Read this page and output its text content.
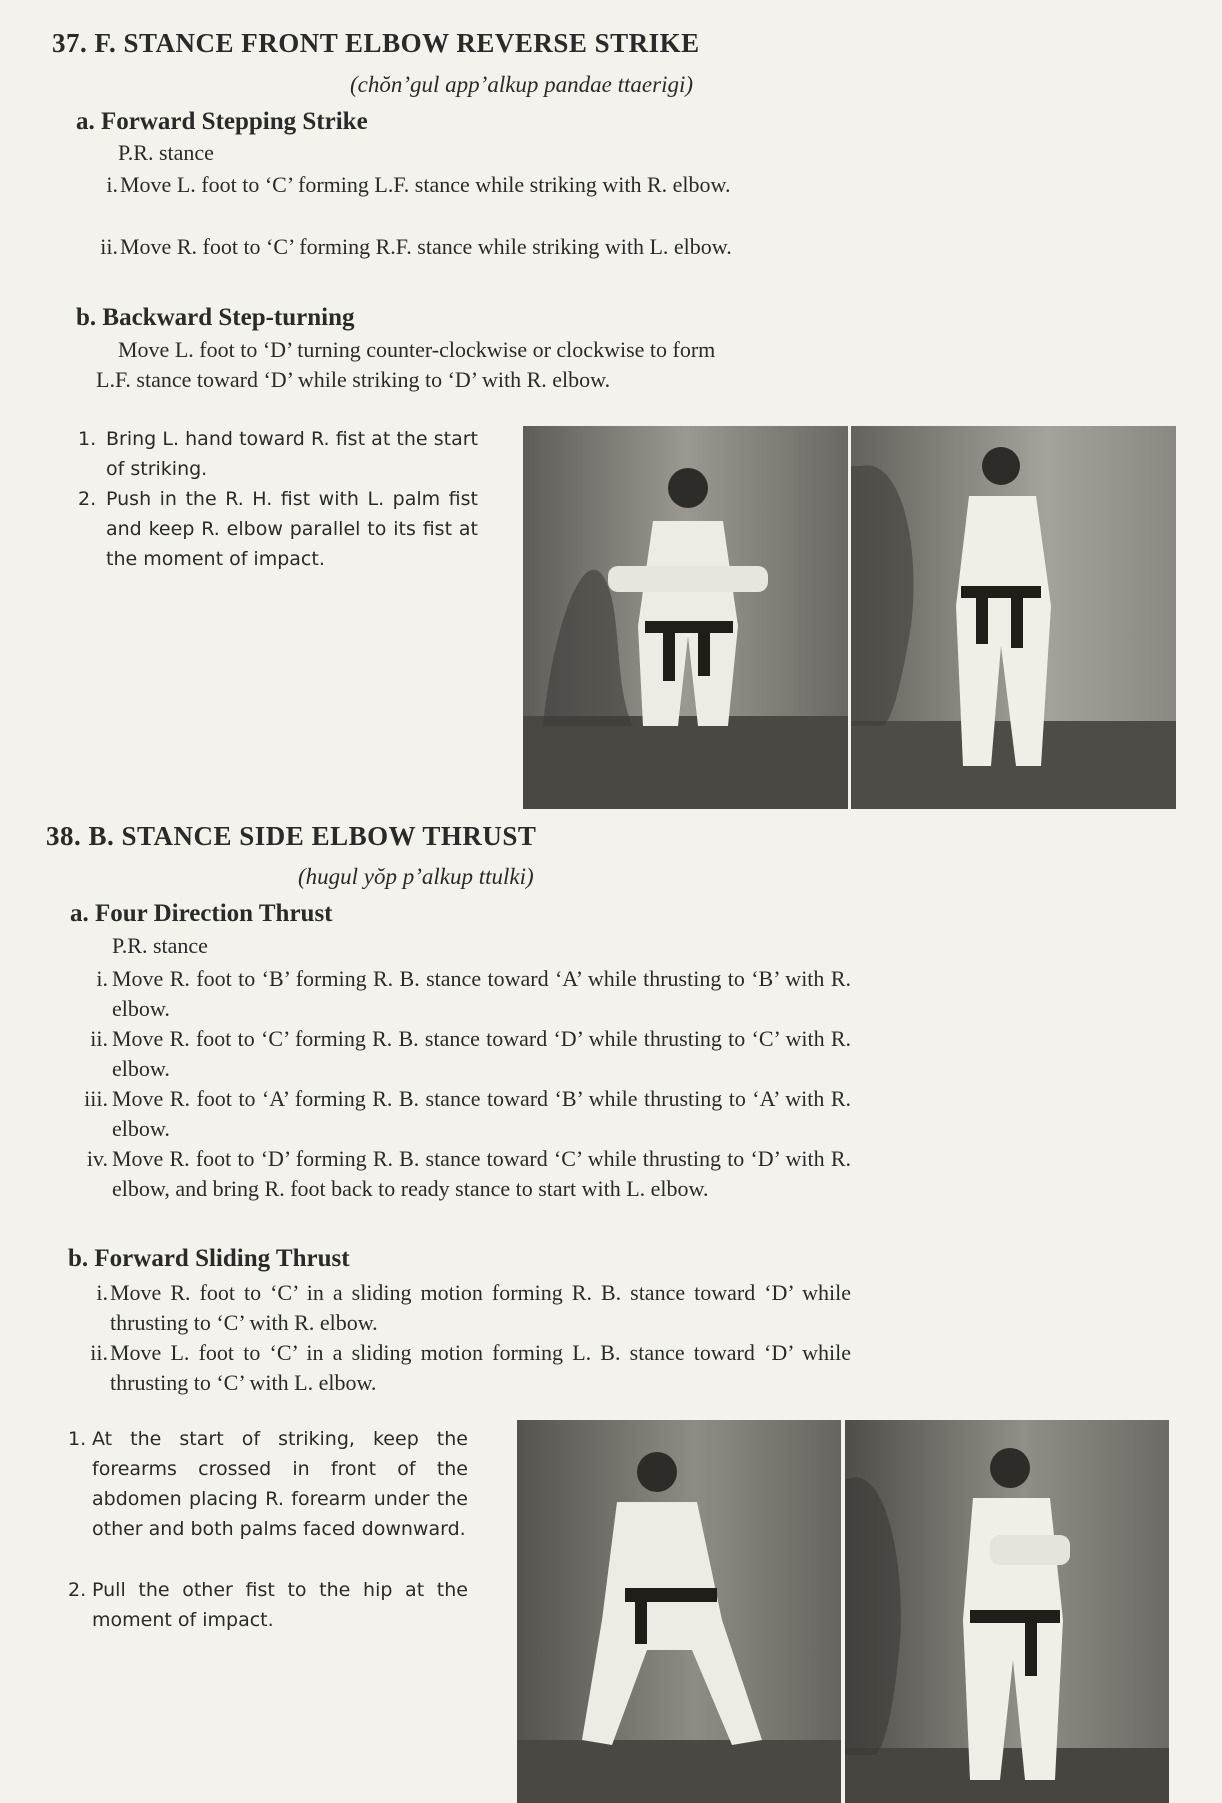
37. F. STANCE FRONT ELBOW REVERSE STRIKE
(chŏn’gul app’alkup pandae ttaerigi)
a. Forward Stepping Strike
P.R. stance
i. Move L. foot to ‘C’ forming L.F. stance while striking with R. elbow.
ii. Move R. foot to ‘C’ forming R.F. stance while striking with L. elbow.
b. Backward Step-turning
Move L. foot to ‘D’ turning counter-clockwise or clockwise to form
L.F. stance toward ‘D’ while striking to ‘D’ with R. elbow.
1. Bring L. hand toward R. fist at the start of striking.
2. Push in the R. H. fist with L. palm fist and keep R. elbow parallel to its fist at the moment of impact.
38. B. STANCE SIDE ELBOW THRUST
(hugul yŏp p’alkup ttulki)
a. Four Direction Thrust
P.R. stance
i. Move R. foot to ‘B’ forming R. B. stance toward ‘A’ while thrusting to ‘B’ with R. elbow.
ii. Move R. foot to ‘C’ forming R. B. stance toward ‘D’ while thrusting to ‘C’ with R. elbow.
iii. Move R. foot to ‘A’ forming R. B. stance toward ‘B’ while thrusting to ‘A’ with R. elbow.
iv. Move R. foot to ‘D’ forming R. B. stance toward ‘C’ while thrusting to ‘D’ with R. elbow, and bring R. foot back to ready stance to start with L. elbow.
b. Forward Sliding Thrust
i. Move R. foot to ‘C’ in a sliding motion forming R. B. stance toward ‘D’ while thrusting to ‘C’ with R. elbow.
ii. Move L. foot to ‘C’ in a sliding motion forming L. B. stance toward ‘D’ while thrusting to ‘C’ with L. elbow.
1. At the start of striking, keep the forearms crossed in front of the abdomen placing R. forearm under the other and both palms faced downward.
2. Pull the other fist to the hip at the moment of impact.
